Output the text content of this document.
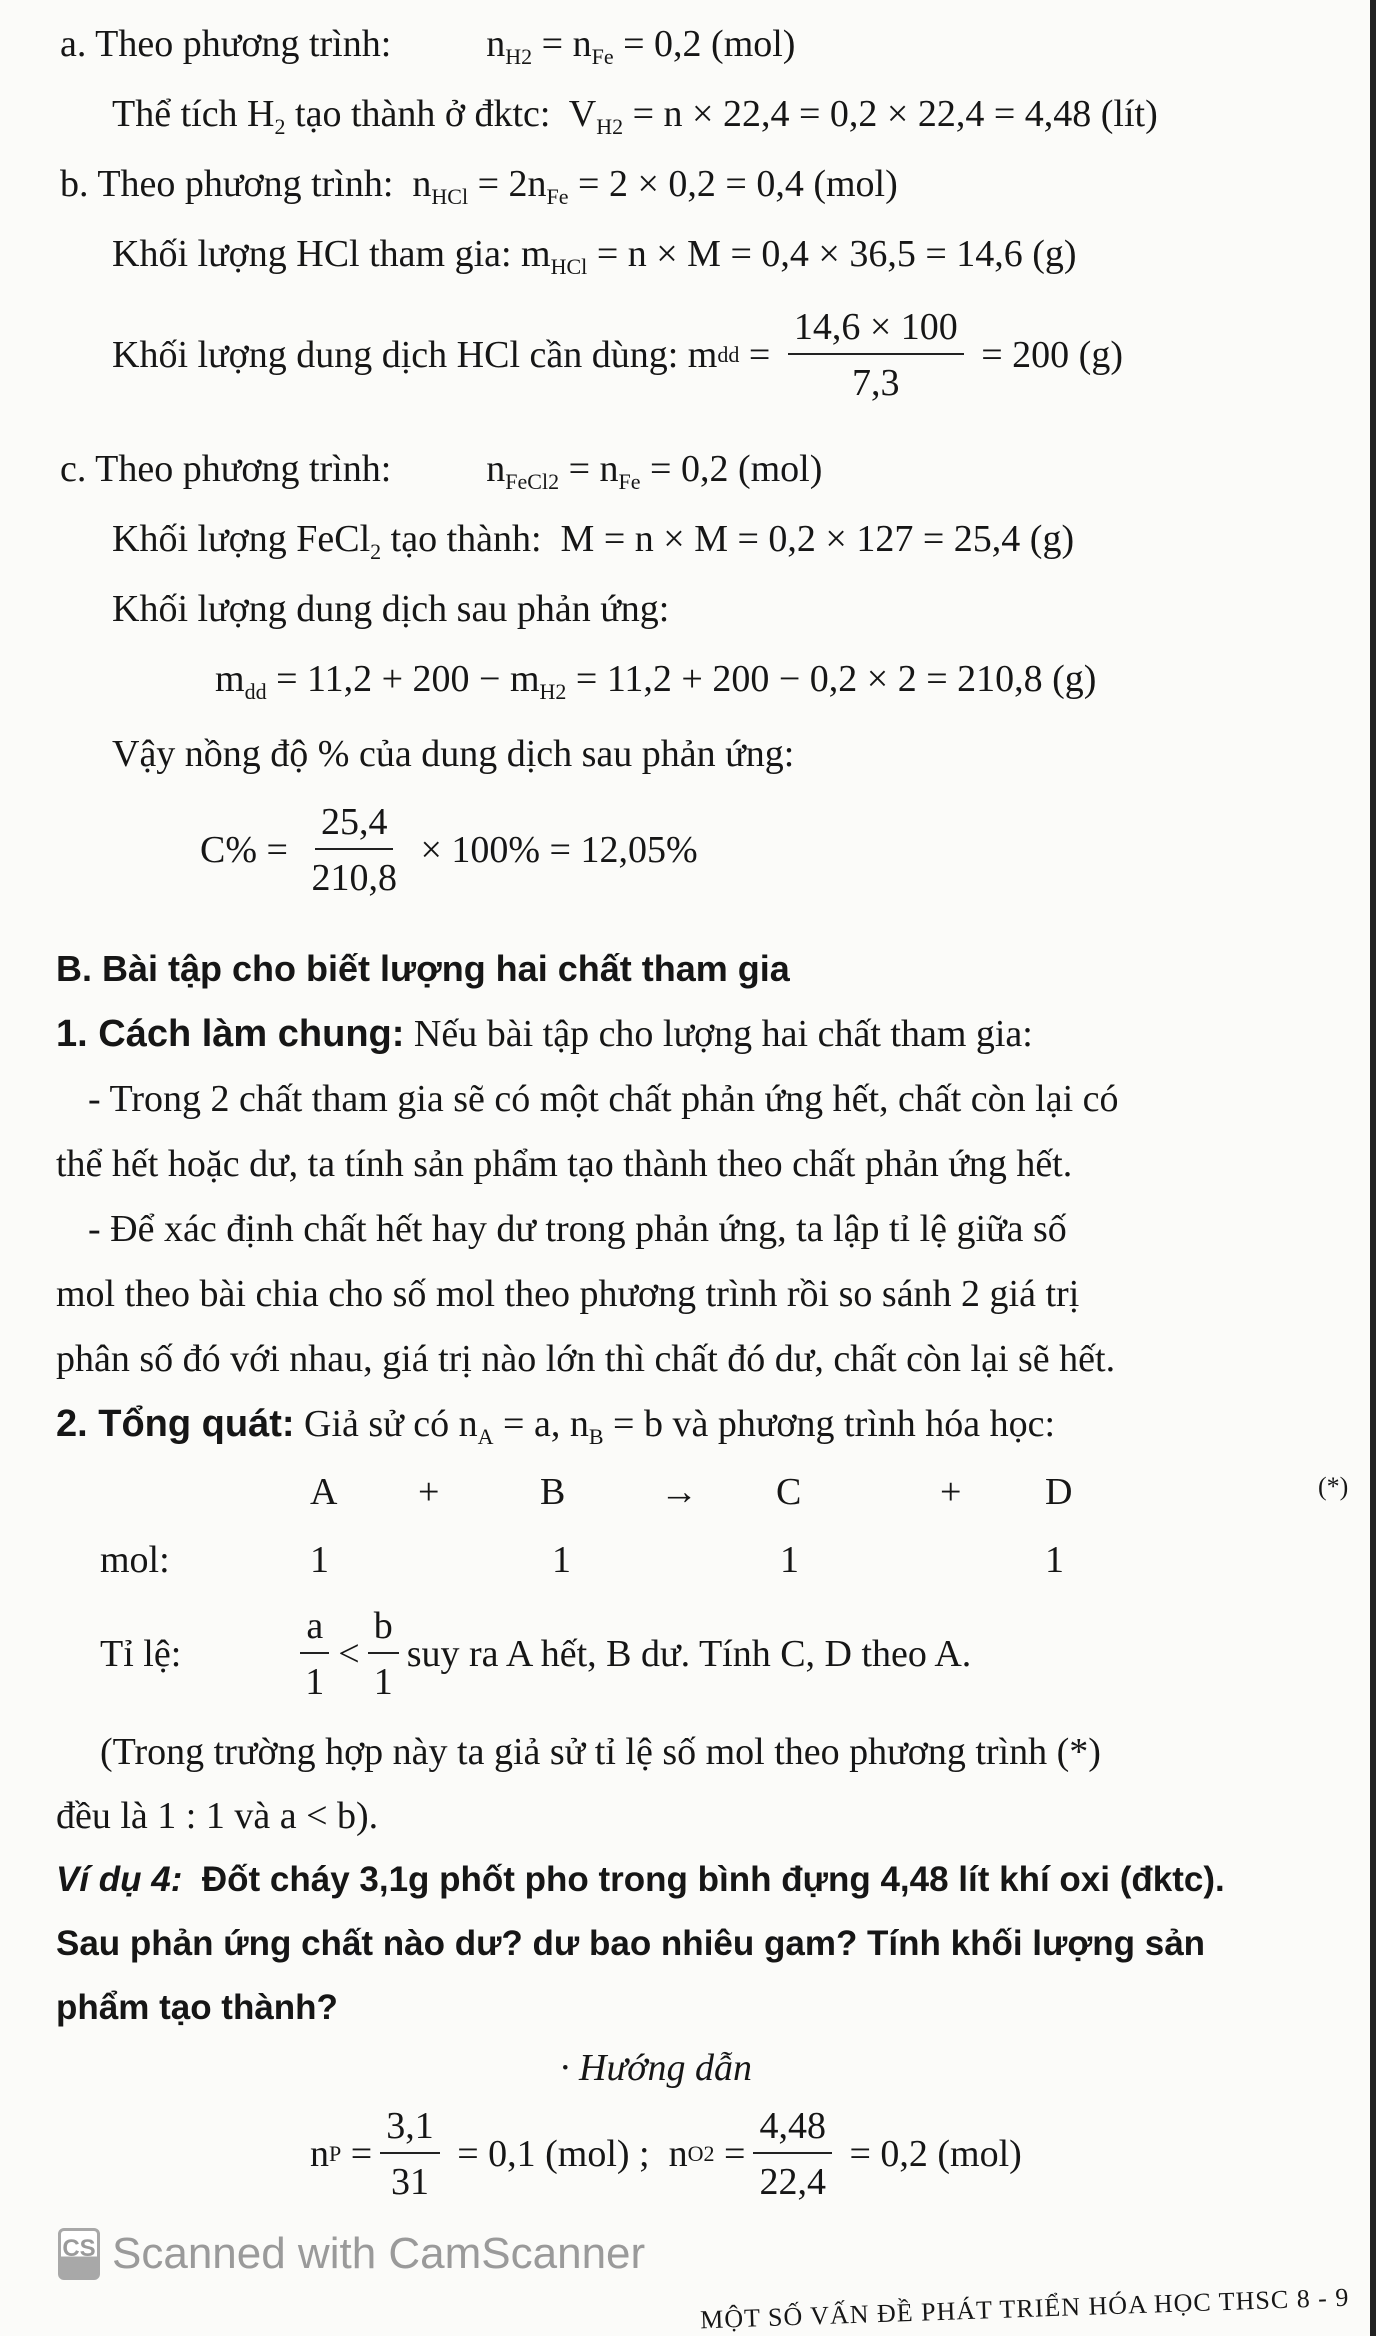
a. Theo phương trình:          $n_{H2} = n_{Fe} = 0,2$ (mol)
Thể tích $H_2$ tạo thành ở đktc:  $V_{H2} = n \times 22,4 = 0,2 \times 22,4 = 4,48$ (lít)
b. Theo phương trình:  $n_{HCl} = 2n_{Fe} = 2 \times 0,2 = 0,4$ (mol)
Khối lượng HCl tham gia: $m_{HCl} = n \times M = 0,4 \times 36,5 = 14,6$ (g)
Khối lượng dung dịch HCl cần dùng: m dd = $\frac{14,6 \times 100}{7,3} = 200$ (g)
c. Theo phương trình:          $n_{FeCl2} = n_{Fe} = 0,2$ (mol)
Khối lượng FeCl$_2$ tạo thành:  M = n × M = 0,2 × 127 = 25,4 (g)
Khối lượng dung dịch sau phản ứng:
$m_{dd} = 11,2 + 200 - m_{H2} = 11,2 + 200 - 0,2 \times 2 = 210,8$ (g)
Vậy nồng độ % của dung dịch sau phản ứng:
$C\% = \frac{25,4}{210,8} \times 100\% = 12,05\%$
B. Bài tập cho biết lượng hai chất tham gia
1. Cách làm chung: Nếu bài tập cho lượng hai chất tham gia:
- Trong 2 chất tham gia sẽ có một chất phản ứng hết, chất còn lại có
thể hết hoặc dư, ta tính sản phẩm tạo thành theo chất phản ứng hết.
- Để xác định chất hết hay dư trong phản ứng, ta lập tỉ lệ giữa số
mol theo bài chia cho số mol theo phương trình rồi so sánh 2 giá trị
phân số đó với nhau, giá trị nào lớn thì chất đó dư, chất còn lại sẽ hết.
2. Tổng quát: Giả sử có $n_A = a$, $n_B = b$ và phương trình hóa học:
A +	B → C	+ D	(*)
mol:	1	1	1	1
Tỉ lệ:	$\frac{a}{1} < \frac{b}{1}$ suy ra A hết, B dư. Tính C, D theo A.
(Trong trường hợp này ta giả sử tỉ lệ số mol theo phương trình (*)
đều là 1 : 1 và a < b).
Ví dụ 4:  Đốt cháy 3,1g phốt pho trong bình đựng 4,48 lít khí oxi (đktc).
Sau phản ứng chất nào dư? dư bao nhiêu gam? Tính khối lượng sản
phẩm tạo thành?
· Hướng dẫn
n $P = \frac{3,1}{31} = 0,1$ (mol) ;  n $O2 = \frac{4,48}{22,4} = 0,2$ (mol)
CS Scanned with CamScanner
MỘT SỐ VẤN ĐỀ PHÁT TRIỂN HÓA HỌC THSC 8 - 9
